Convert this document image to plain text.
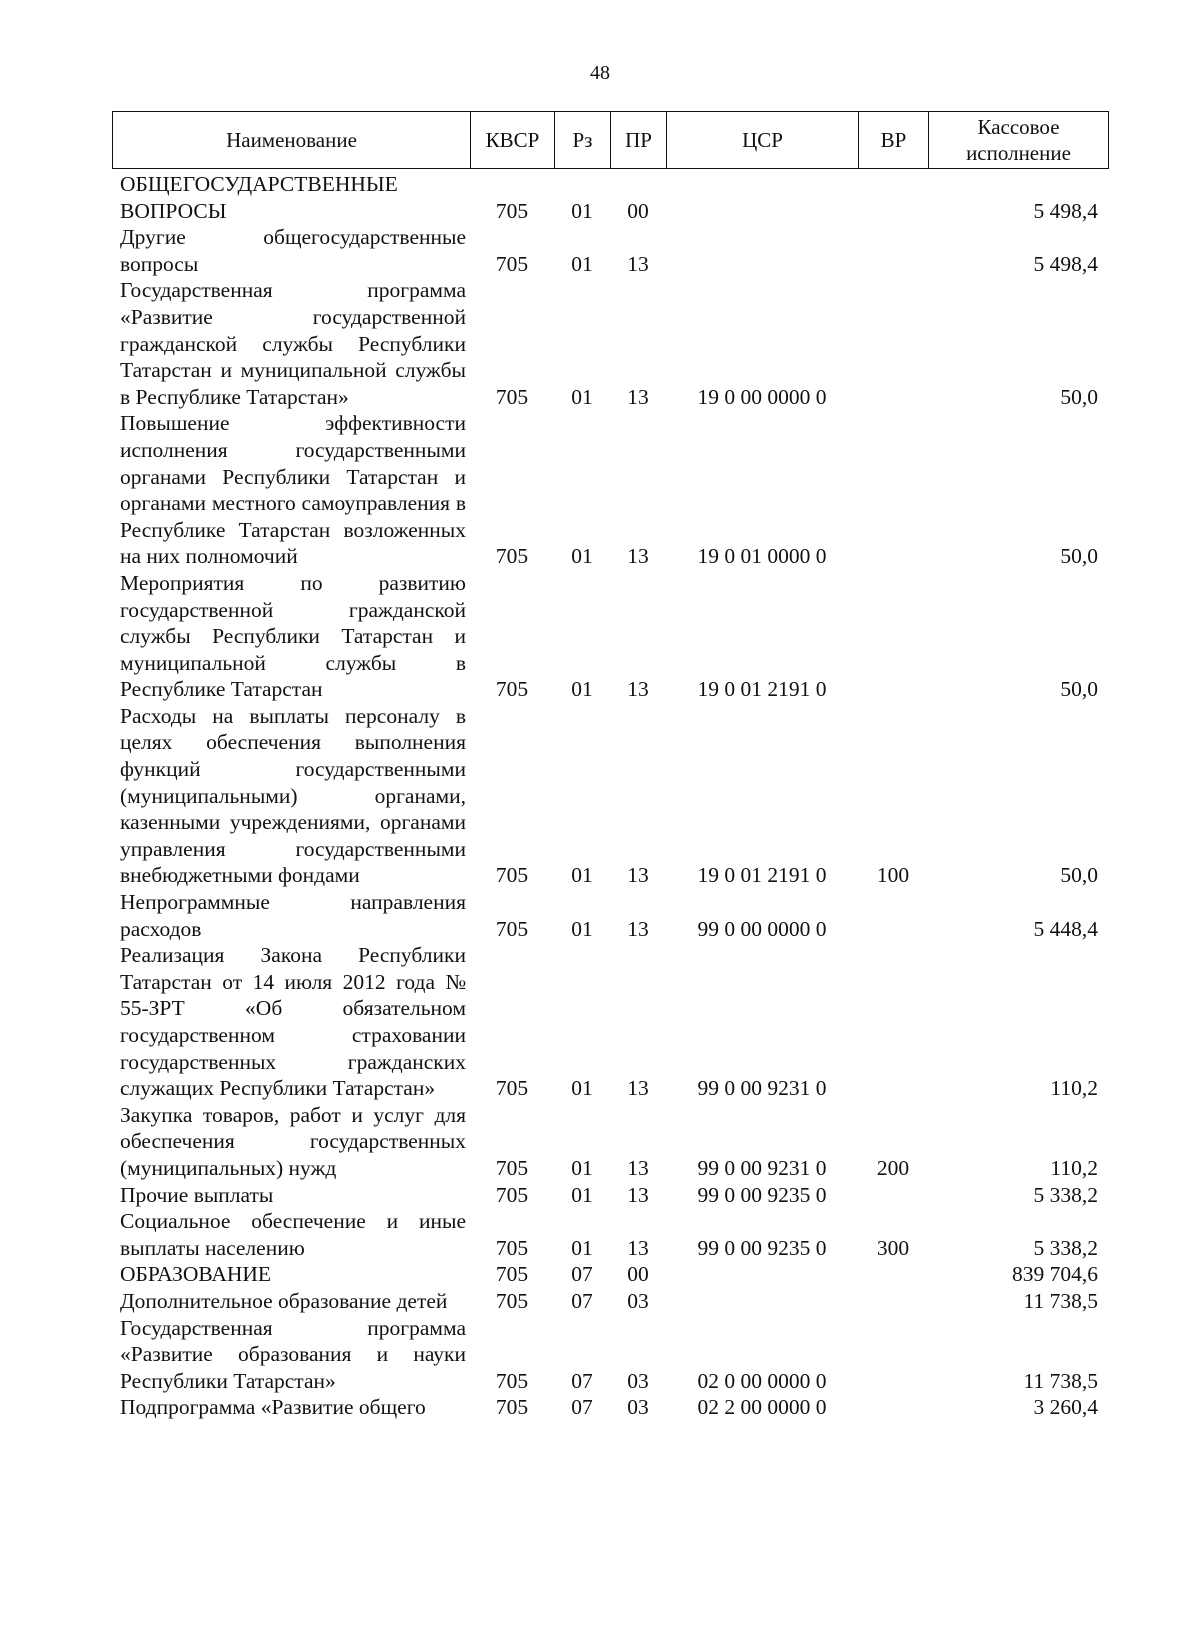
48
Наименование	КВСР	Рз	ПР	ЦСР	ВР	Кассовое исполнение
ОБЩЕГОСУДАРСТВЕННЫЕ ВОПРОСЫ	705	01	00			5 498,4
Другие общегосударственные вопросы	705	01	13			5 498,4
Государственная программа «Развитие государственной гражданской службы Республики Татарстан и муниципальной службы в Республике Татарстан»	705	01	13	19 0 00 0000 0		50,0
Повышение эффективности исполнения государственными органами Республики Татарстан и органами местного самоуправления в Республике Татарстан возложенных на них полномочий	705	01	13	19 0 01 0000 0		50,0
Мероприятия по развитию государственной гражданской службы Республики Татарстан и муниципальной службы в Республике Татарстан	705	01	13	19 0 01 2191 0		50,0
Расходы на выплаты персоналу в целях обеспечения выполнения функций государственными (муниципальными) органами, казенными учреждениями, органами управления государственными внебюджетными фондами	705	01	13	19 0 01 2191 0	100	50,0
Непрограммные направления расходов	705	01	13	99 0 00 0000 0		5 448,4
Реализация Закона Республики Татарстан от 14 июля 2012 года № 55-ЗРТ «Об обязательном государственном страховании государственных гражданских служащих Республики Татарстан»	705	01	13	99 0 00 9231 0		110,2
Закупка товаров, работ и услуг для обеспечения государственных (муниципальных) нужд	705	01	13	99 0 00 9231 0	200	110,2
Прочие выплаты	705	01	13	99 0 00 9235 0		5 338,2
Социальное обеспечение и иные выплаты населению	705	01	13	99 0 00 9235 0	300	5 338,2
ОБРАЗОВАНИЕ	705	07	00			839 704,6
Дополнительное образование детей	705	07	03			11 738,5
Государственная программа «Развитие образования и науки Республики Татарстан»	705	07	03	02 0 00 0000 0		11 738,5
Подпрограмма «Развитие общего	705	07	03	02 2 00 0000 0		3 260,4
